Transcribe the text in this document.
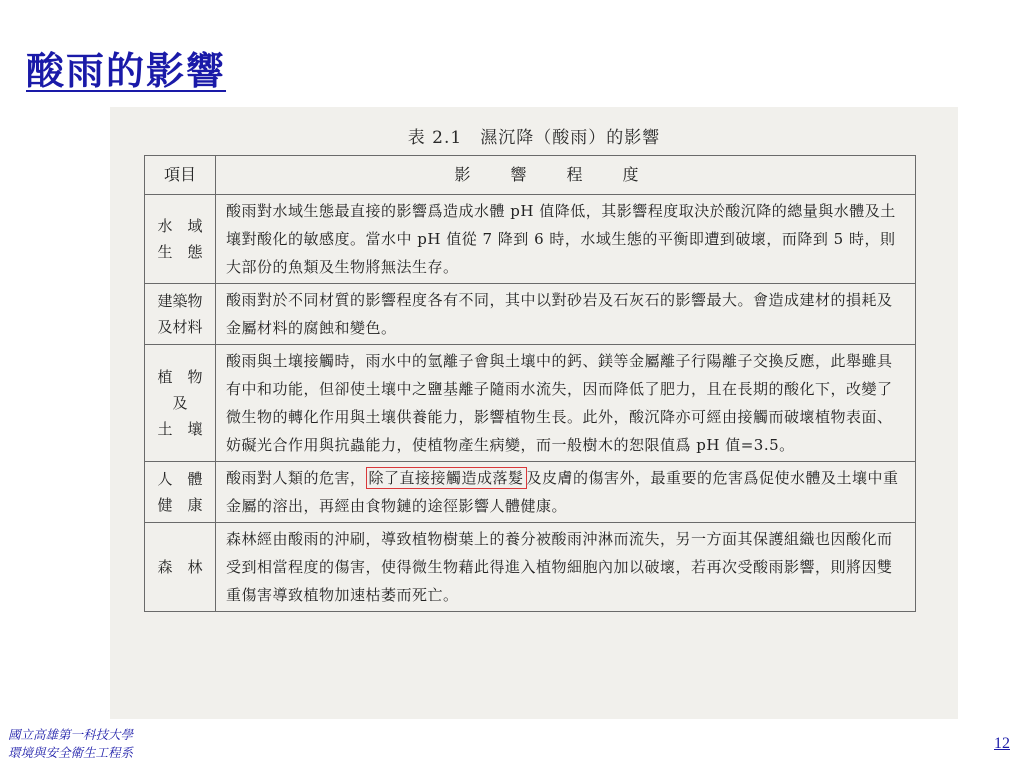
酸雨的影響
表 2.1　濕沉降（酸雨）的影響
項目	影響程度

水　域
生　態	酸雨對水域生態最直接的影響爲造成水體 pH 值降低，其影響程度取決於酸沉降的總量與水體及土壤對酸化的敏感度。當水中 pH 值從 7 降到 6 時，水域生態的平衡即遭到破壞，而降到 5 時，則大部份的魚類及生物將無法生存。

建築物
及材料	酸雨對於不同材質的影響程度各有不同，其中以對砂岩及石灰石的影響最大。會造成建材的損耗及金屬材料的腐蝕和變色。

植　物
及
土　壤	酸雨與土壤接觸時，雨水中的氫離子會與土壤中的鈣、鎂等金屬離子行陽離子交換反應，此舉雖具有中和功能，但卻使土壤中之鹽基離子隨雨水流失，因而降低了肥力，且在長期的酸化下，改變了微生物的轉化作用與土壤供養能力，影響植物生長。此外，酸沉降亦可經由接觸而破壞植物表面、妨礙光合作用與抗蟲能力，使植物產生病變，而一般樹木的恕限值爲 pH 值=3.5。

人　體
健　康	酸雨對人類的危害， 除了直接接觸造成落髮 及皮膚的傷害外，最重要的危害爲促使水體及土壤中重金屬的溶出，再經由食物鏈的途徑影響人體健康。

森　林	森林經由酸雨的沖刷，導致植物樹葉上的養分被酸雨沖淋而流失，另一方面其保護組織也因酸化而受到相當程度的傷害，使得微生物藉此得進入植物細胞內加以破壞，若再次受酸雨影響，則將因雙重傷害導致植物加速枯萎而死亡。
國立高雄第一科技大學
環境與安全衛生工程系
12
